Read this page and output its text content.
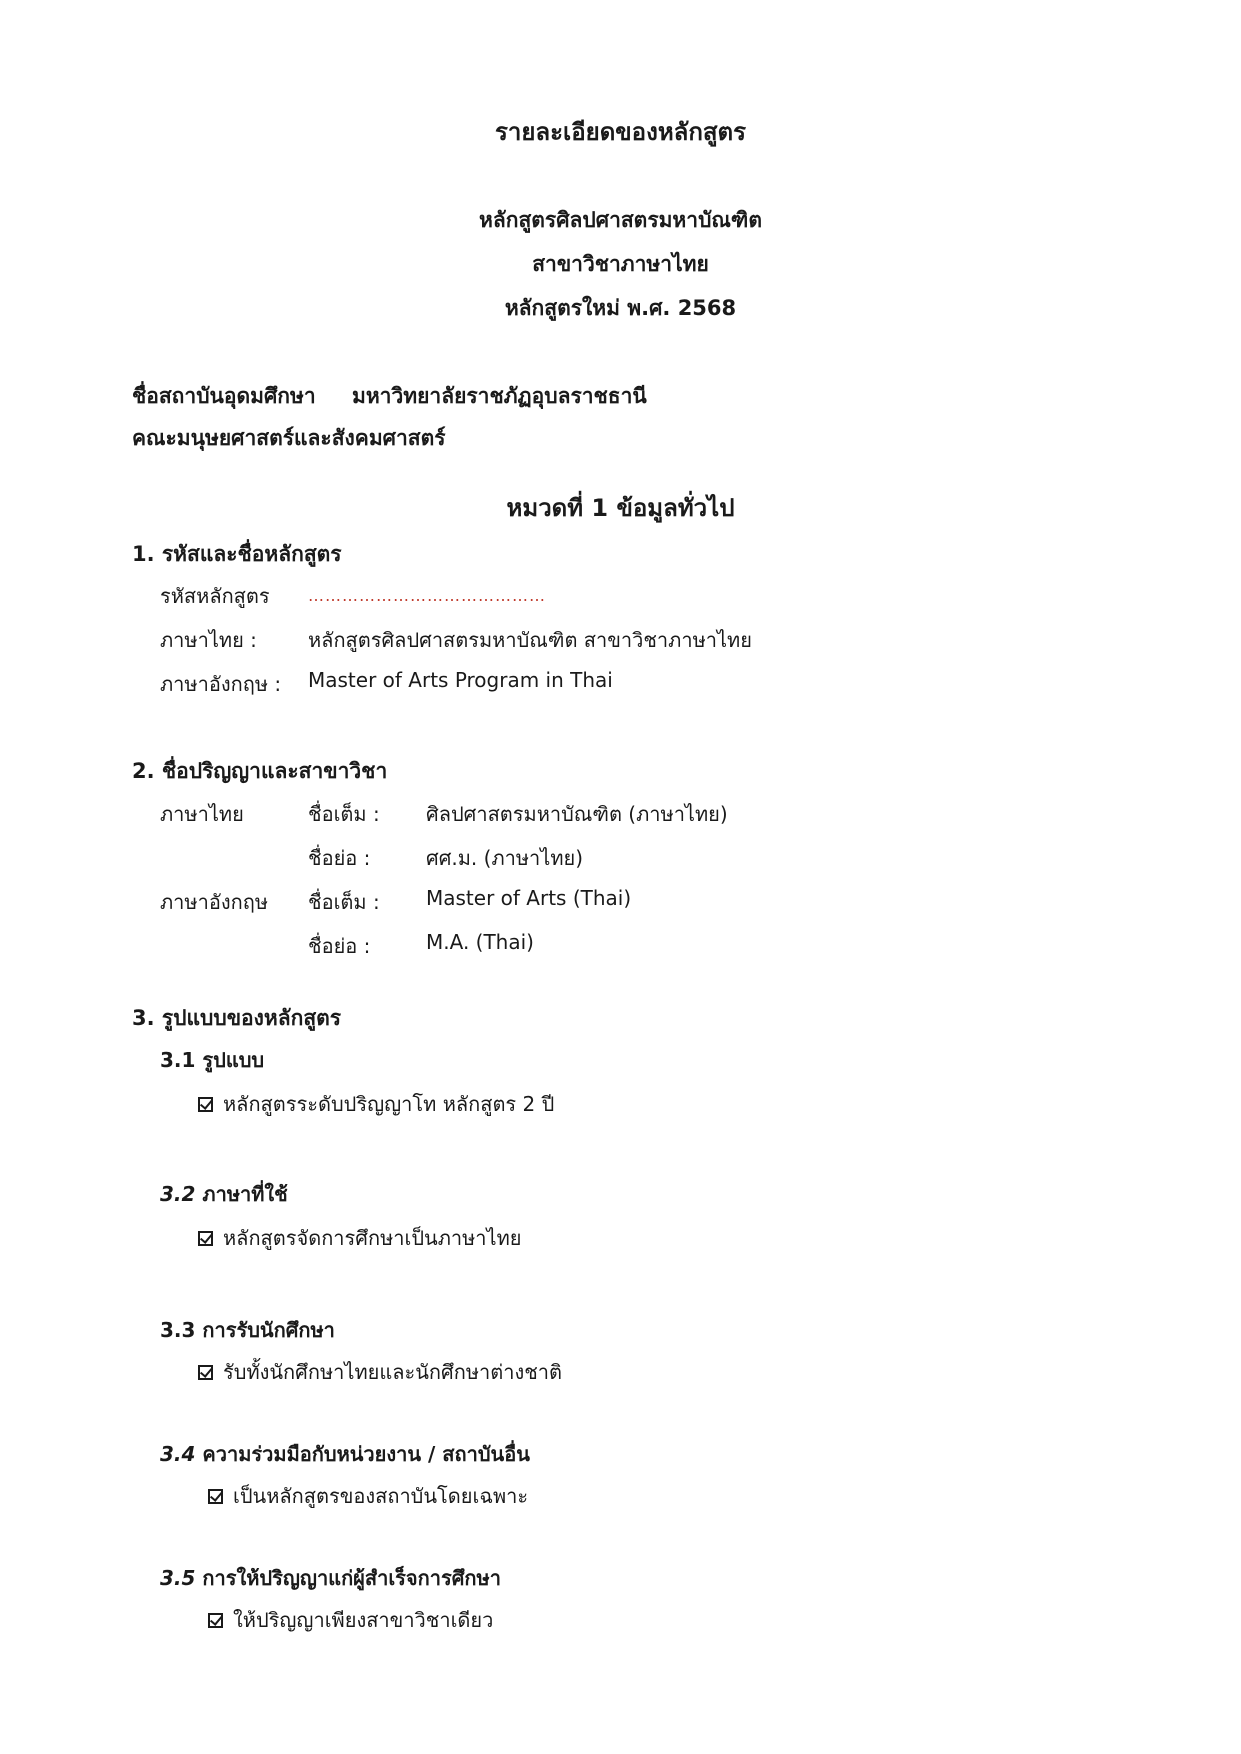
รายละเอียดของหลักสูตร
หลักสูตรศิลปศาสตรมหาบัณฑิต
สาขาวิชาภาษาไทย
หลักสูตรใหม่ พ.ศ. 2568
ชื่อสถาบันอุดมศึกษา มหาวิทยาลัยราชภัฏอุบลราชธานี
คณะมนุษยศาสตร์และสังคมศาสตร์
หมวดที่ 1 ข้อมูลทั่วไป
1. รหัสและชื่อหลักสูตร
รหัสหลักสูตร ……………………………………
ภาษาไทย :	หลักสูตรศิลปศาสตรมหาบัณฑิต สาขาวิชาภาษาไทย
ภาษาอังกฤษ : Master of Arts Program in Thai
2. ชื่อปริญญาและสาขาวิชา
ภาษาไทย	ชื่อเต็ม : ศิลปศาสตรมหาบัณฑิต (ภาษาไทย)
ชื่อย่อ :	ศศ.ม. (ภาษาไทย)
ภาษาอังกฤษ ชื่อเต็ม : Master of Arts (Thai)
ชื่อย่อ :	M.A. (Thai)
3. รูปแบบของหลักสูตร
3.1 รูปแบบ
หลักสูตรระดับปริญญาโท หลักสูตร 2 ปี
3.2 ภาษาที่ใช้
หลักสูตรจัดการศึกษาเป็นภาษาไทย
3.3 การรับนักศึกษา
รับทั้งนักศึกษาไทยและนักศึกษาต่างชาติ
3.4 ความร่วมมือกับหน่วยงาน / สถาบันอื่น
เป็นหลักสูตรของสถาบันโดยเฉพาะ
3.5 การให้ปริญญาแก่ผู้สำเร็จการศึกษา
ให้ปริญญาเพียงสาขาวิชาเดียว
